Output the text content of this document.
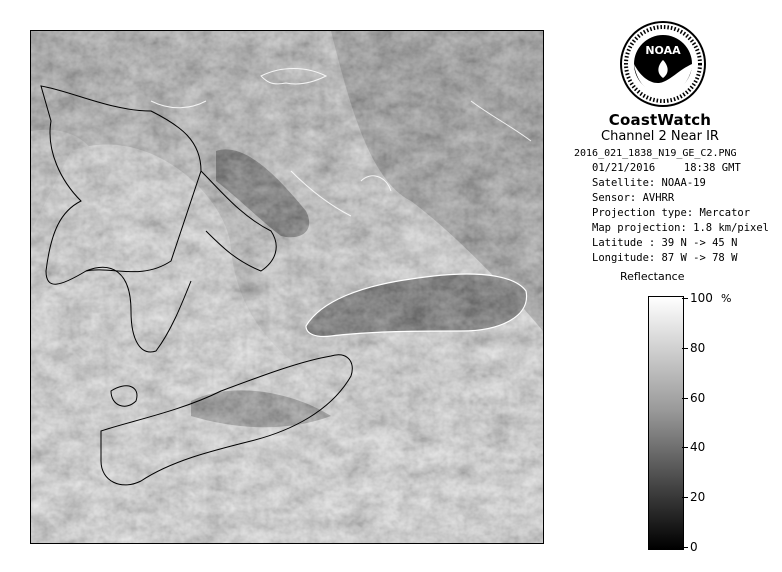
NOAA
CoastWatch
Channel 2 Near IR
2016_021_1838_N19_GE_C2.PNG
01/21/2016	18:38 GMT
Satellite: NOAA-19
Sensor: AVHRR
Projection type: Mercator
Map projection: 1.8 km/pixel
Latitude : 39 N -> 45 N
Longitude: 87 W -> 78 W
Reflectance
%
100
80
60
40
20
0
